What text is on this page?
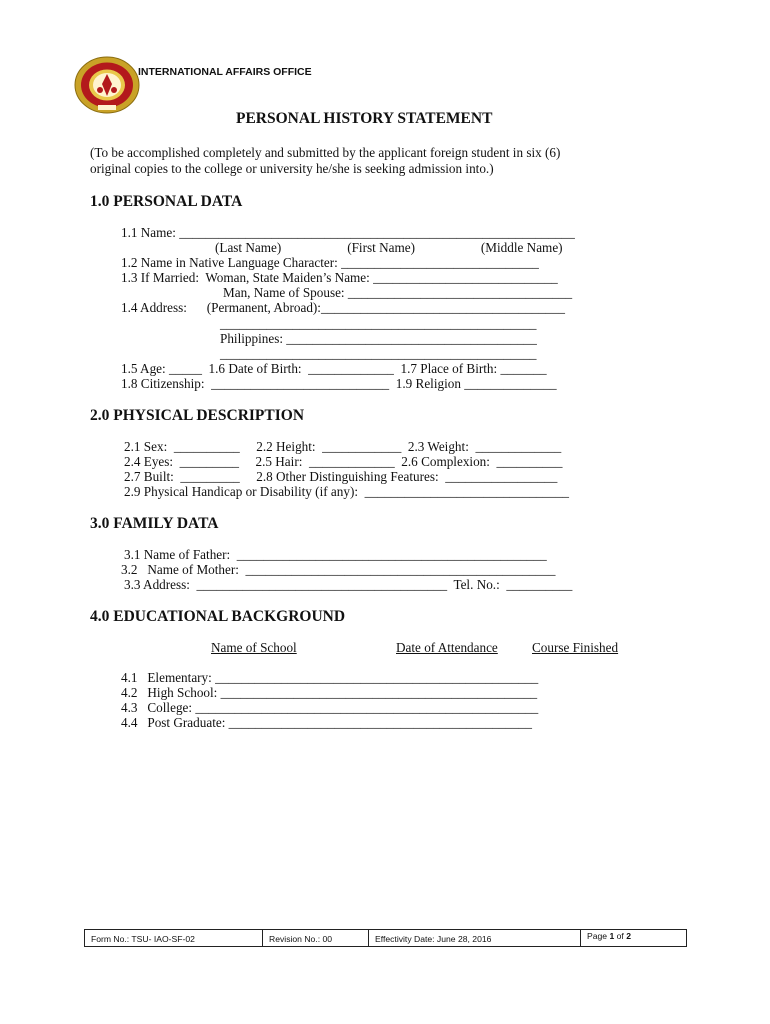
INTERNATIONAL AFFAIRS OFFICE
PERSONAL HISTORY STATEMENT
(To be accomplished completely and submitted by the applicant foreign student in six (6)
original copies to the college or university he/she is seeking admission into.)
1.0 PERSONAL DATA
1.1 Name: ____________________________________________________________
(Last Name)                    (First Name)                    (Middle Name)
1.2 Name in Native Language Character: ______________________________
1.3 If Married:  Woman, State Maiden’s Name: ____________________________
Man, Name of Spouse: __________________________________
1.4 Address:      (Permanent, Abroad):_____________________________________
________________________________________________
Philippines: ______________________________________
________________________________________________
1.5 Age: _____  1.6 Date of Birth:  _____________  1.7 Place of Birth: _______
1.8 Citizenship:  ___________________________  1.9 Religion ______________
2.0 PHYSICAL DESCRIPTION
2.1 Sex:  __________     2.2 Height:  ____________  2.3 Weight:  _____________
2.4 Eyes:  _________     2.5 Hair:  _____________  2.6 Complexion:  __________
2.7 Built:  _________     2.8 Other Distinguishing Features:  _________________
2.9 Physical Handicap or Disability (if any):  _______________________________
3.0 FAMILY DATA
3.1 Name of Father:  _______________________________________________
3.2   Name of Mother:  _______________________________________________
3.3 Address:  ______________________________________  Tel. No.:  __________
4.0 EDUCATIONAL BACKGROUND
Name of School	Date of Attendance	Course Finished
4.1   Elementary: _________________________________________________
4.2   High School: ________________________________________________
4.3   College: ____________________________________________________
4.4   Post Graduate: ______________________________________________
Form No.: TSU- IAO-SF-02	Revision No.: 00	Effectivity Date: June 28, 2016	Page 1 of 2
